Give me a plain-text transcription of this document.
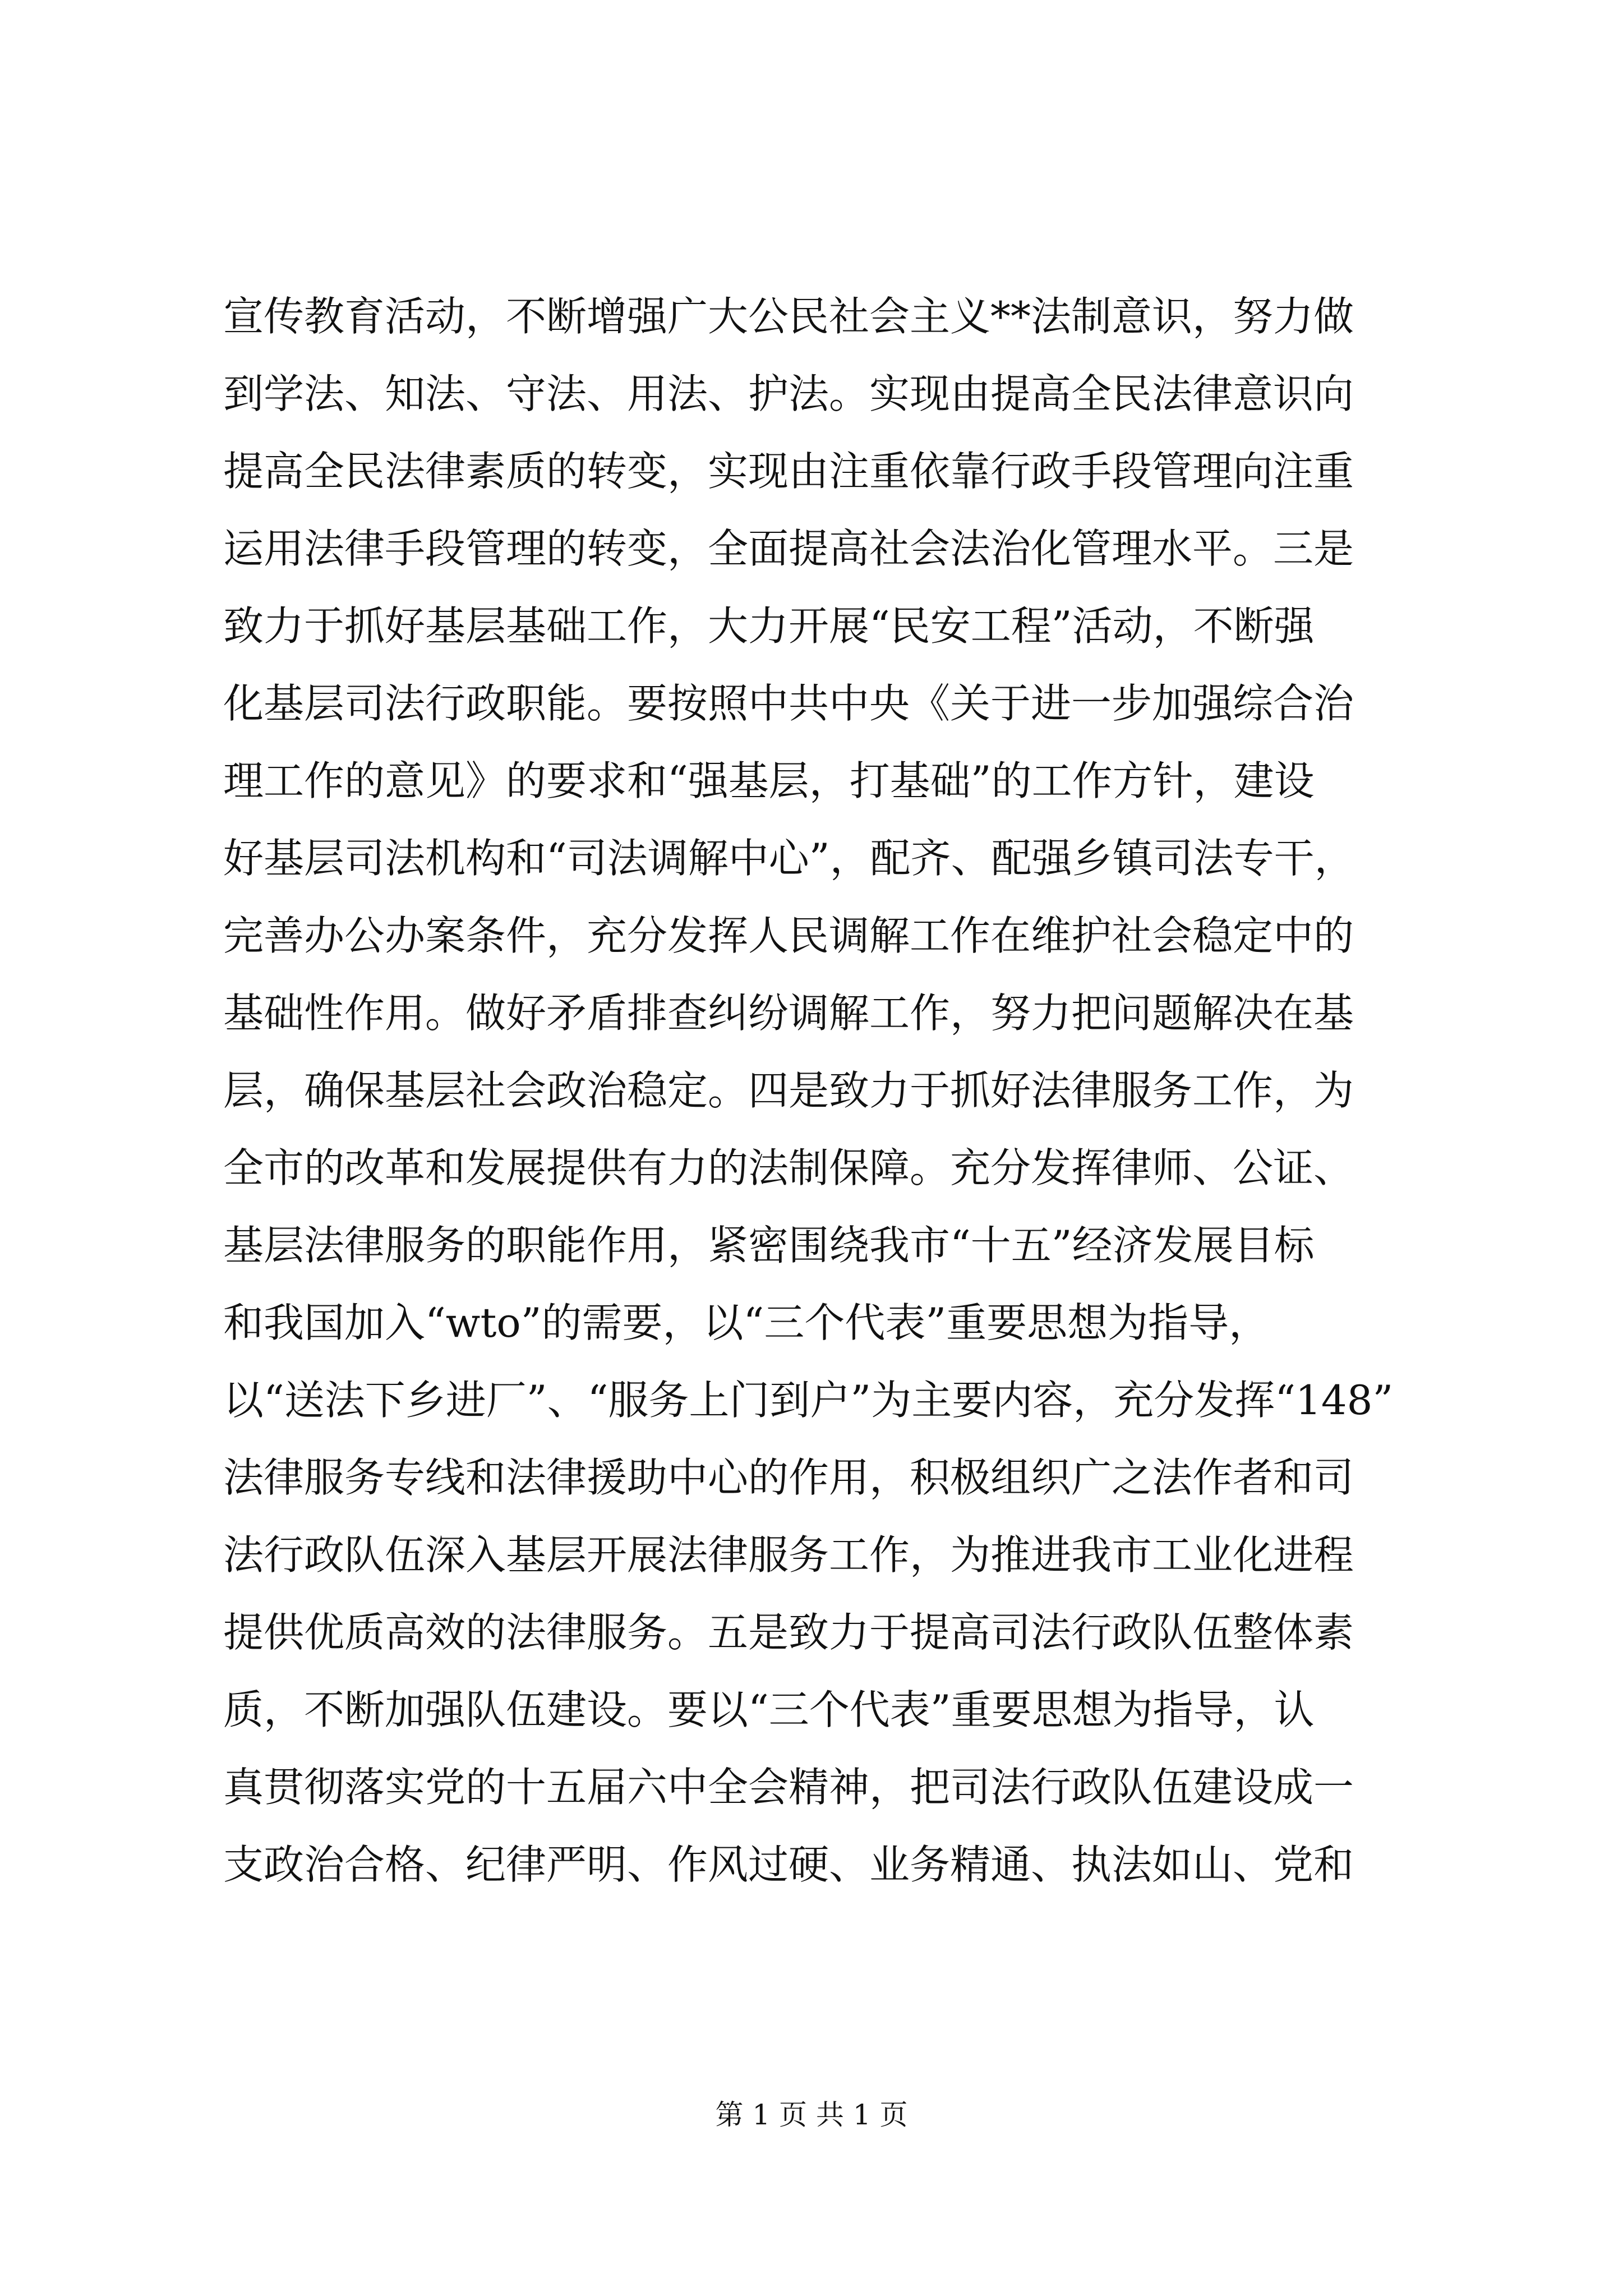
宣传教育活动，不断增强广大公民社会主义**法制意识，努力做
到学法、知法、守法、用法、护法。实现由提高全民法律意识向
提高全民法律素质的转变，实现由注重依靠行政手段管理向注重
运用法律手段管理的转变，全面提高社会法治化管理水平。三是
致力于抓好基层基础工作，大力开展“民安工程”活动，不断强
化基层司法行政职能。要按照中共中央《关于进一步加强综合治
理工作的意见》的要求和“强基层，打基础”的工作方针，建设
好基层司法机构和“司法调解中心”，配齐、配强乡镇司法专干，
完善办公办案条件，充分发挥人民调解工作在维护社会稳定中的
基础性作用。做好矛盾排查纠纷调解工作，努力把问题解决在基
层，确保基层社会政治稳定。四是致力于抓好法律服务工作，为
全市的改革和发展提供有力的法制保障。充分发挥律师、公证、
基层法律服务的职能作用，紧密围绕我市“十五”经济发展目标
和我国加入“wto”的需要，以“三个代表”重要思想为指导，
以“送法下乡进厂”、“服务上门到户”为主要内容，充分发挥“148”
法律服务专线和法律援助中心的作用，积极组织广之法作者和司
法行政队伍深入基层开展法律服务工作，为推进我市工业化进程
提供优质高效的法律服务。五是致力于提高司法行政队伍整体素
质，不断加强队伍建设。要以“三个代表”重要思想为指导，认
真贯彻落实党的十五届六中全会精神，把司法行政队伍建设成一
支政治合格、纪律严明、作风过硬、业务精通、执法如山、党和
第 1 页 共 1 页
